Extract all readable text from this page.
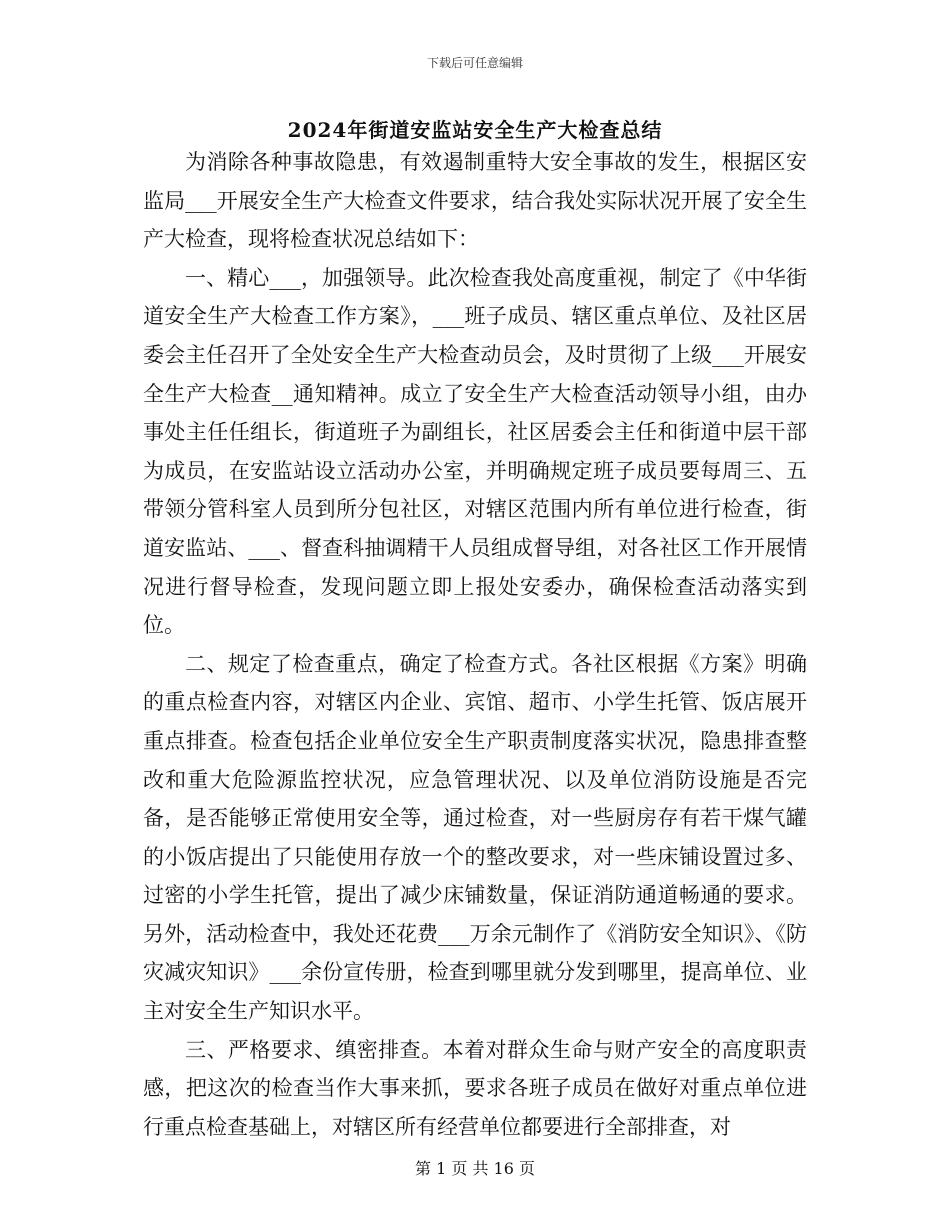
下载后可任意编辑
2024年街道安监站安全生产大检查总结

为消除各种事故隐患，有效遏制重特大安全事故的发生，根据区安监局___开展安全生产大检查文件要求，结合我处实际状况开展了安全生产大检查，现将检查状况总结如下：

一、精心___，加强领导。此次检查我处高度重视，制定了《中华街道安全生产大检查工作方案》，___班子成员、辖区重点单位、及社区居委会主任召开了全处安全生产大检查动员会，及时贯彻了上级___开展安全生产大检查__通知精神。成立了安全生产大检查活动领导小组，由办事处主任任组长，街道班子为副组长，社区居委会主任和街道中层干部为成员，在安监站设立活动办公室，并明确规定班子成员要每周三、五带领分管科室人员到所分包社区，对辖区范围内所有单位进行检查，街道安监站、___、督查科抽调精干人员组成督导组，对各社区工作开展情况进行督导检查，发现问题立即上报处安委办，确保检查活动落实到位。

二、规定了检查重点，确定了检查方式。各社区根据《方案》明确的重点检查内容，对辖区内企业、宾馆、超市、小学生托管、饭店展开重点排查。检查包括企业单位安全生产职责制度落实状况，隐患排查整改和重大危险源监控状况，应急管理状况、以及单位消防设施是否完备，是否能够正常使用安全等，通过检查，对一些厨房存有若干煤气罐的小饭店提出了只能使用存放一个的整改要求，对一些床铺设置过多、过密的小学生托管，提出了减少床铺数量，保证消防通道畅通的要求。另外，活动检查中，我处还花费___万余元制作了《消防安全知识》、《防灾减灾知识》___余份宣传册，检查到哪里就分发到哪里，提高单位、业主对安全生产知识水平。

三、严格要求、缜密排查。本着对群众生命与财产安全的高度职责感，把这次的检查当作大事来抓，要求各班子成员在做好对重点单位进行重点检查基础上，对辖区所有经营单位都要进行全部排查，对

第 1 页 共 16 页
